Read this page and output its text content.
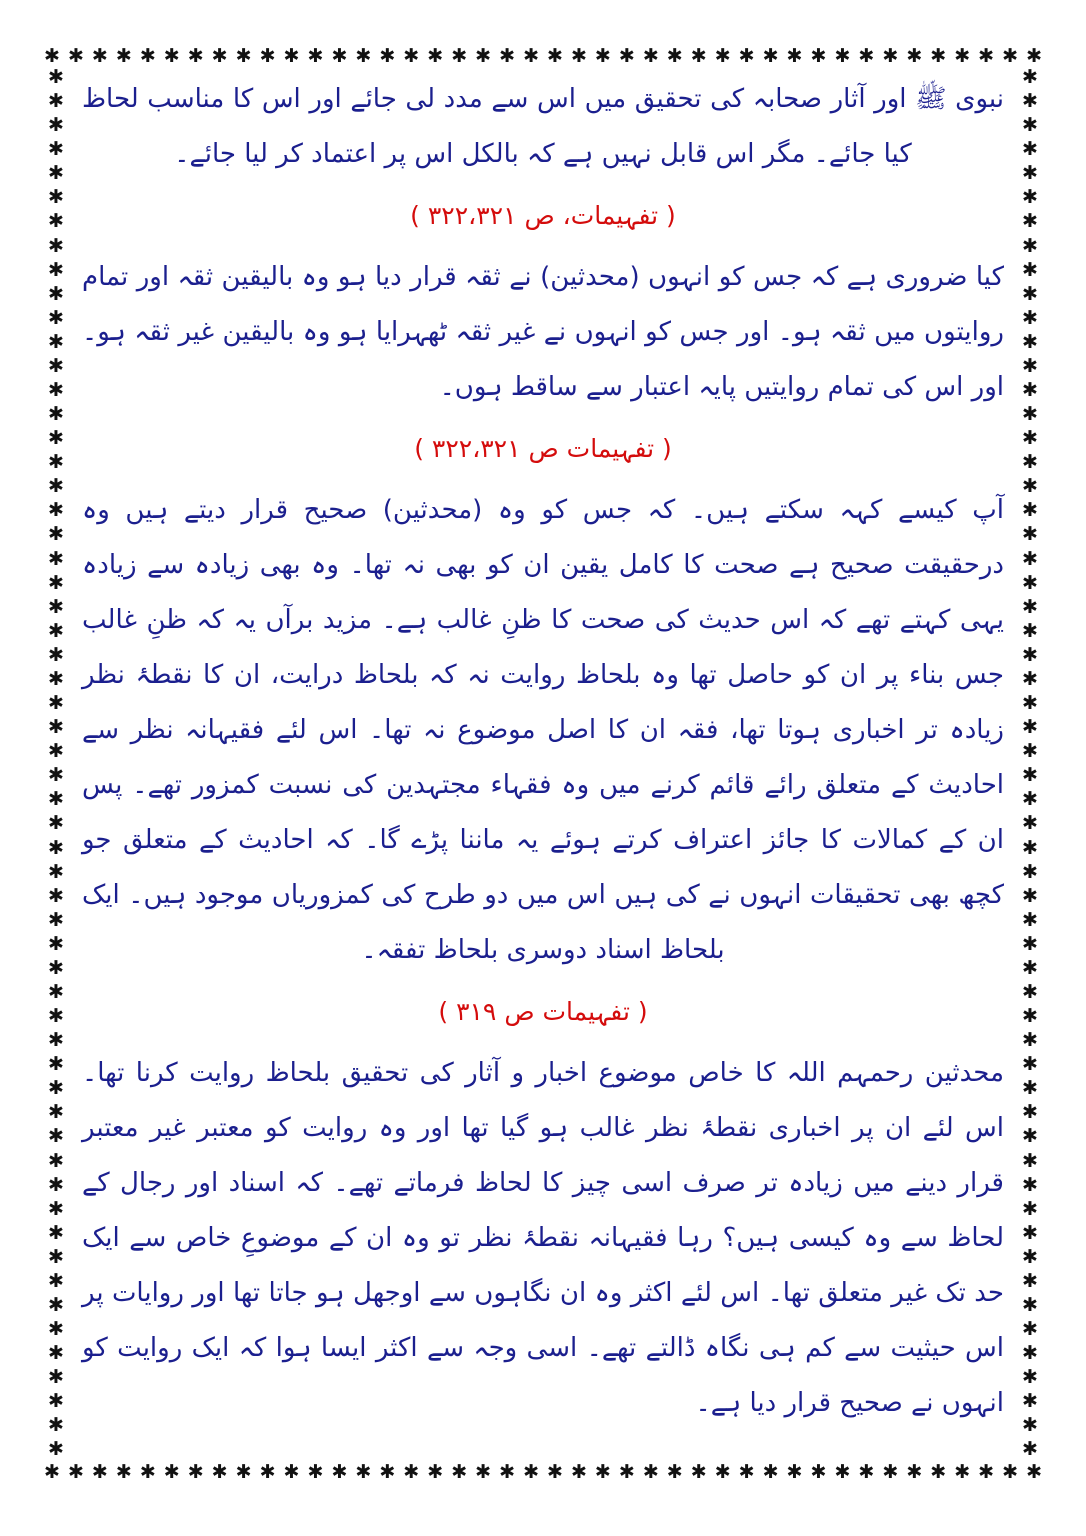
✱ ✱ ✱ ✱ ✱ ✱ ✱ ✱ ✱ ✱ ✱ ✱ ✱ ✱ ✱ ✱ ✱ ✱ ✱ ✱ ✱ ✱ ✱ ✱ ✱ ✱ ✱ ✱ ✱ ✱ ✱ ✱ ✱ ✱ ✱ ✱ ✱ ✱ ✱ ✱ ✱ ✱
✱ ✱ ✱ ✱ ✱ ✱ ✱ ✱ ✱ ✱ ✱ ✱ ✱ ✱ ✱ ✱ ✱ ✱ ✱ ✱ ✱ ✱ ✱ ✱ ✱ ✱ ✱ ✱ ✱ ✱ ✱ ✱ ✱ ✱ ✱ ✱ ✱ ✱ ✱ ✱ ✱ ✱
✱
✱
✱
✱
✱
✱
✱
✱
✱
✱
✱
✱
✱
✱
✱
✱
✱
✱
✱
✱
✱
✱
✱
✱
✱
✱
✱
✱
✱
✱
✱
✱
✱
✱
✱
✱
✱
✱
✱
✱
✱
✱
✱
✱
✱
✱
✱
✱
✱
✱
✱
✱
✱
✱
✱
✱
✱
✱
✱
✱
✱
✱
✱
✱
✱
✱
✱
✱
✱
✱
✱
✱
✱
✱
✱
✱
✱
✱
✱
✱
✱
✱
✱
✱
✱
✱
✱
✱
✱
✱
✱
✱
✱
✱
✱
✱
✱
✱
✱
✱
✱
✱
✱
✱
✱
✱
✱
✱
✱
✱
✱
✱
✱
✱
✱
✱

نبوی ﷺ اور آثار صحابہ کی تحقیق میں اس سے مدد لی جائے اور اس کا مناسب لحاظ کیا جائے۔ مگر اس قابل نہیں ہے کہ بالکل اس پر اعتماد کر لیا جائے۔

( تفہیمات، ص ۳۲۲،۳۲۱ )

کیا ضروری ہے کہ جس کو انہوں (محدثین) نے ثقہ قرار دیا ہو وہ بالیقین ثقہ اور تمام روایتوں میں ثقہ ہو۔ اور جس کو انہوں نے غیر ثقہ ٹھہرایا ہو وہ بالیقین غیر ثقہ ہو۔ اور اس کی تمام روایتیں پایہ اعتبار سے ساقط ہوں۔

( تفہیمات ص ۳۲۲،۳۲۱ )

آپ کیسے کہہ سکتے ہیں۔ کہ جس کو وہ (محدثین) صحیح قرار دیتے ہیں وہ درحقیقت صحیح ہے صحت کا کامل یقین ان کو بھی نہ تھا۔ وہ بھی زیادہ سے زیادہ یہی کہتے تھے کہ اس حدیث کی صحت کا ظنِ غالب ہے۔ مزید برآں یہ کہ ظنِ غالب جس بناء پر ان کو حاصل تھا وہ بلحاظ روایت نہ کہ بلحاظ درایت، ان کا نقطۂ نظر زیادہ تر اخباری ہوتا تھا، فقہ ان کا اصل موضوع نہ تھا۔ اس لئے فقیہانہ نظر سے احادیث کے متعلق رائے قائم کرنے میں وہ فقہاء مجتہدین کی نسبت کمزور تھے۔ پس ان کے کمالات کا جائز اعتراف کرتے ہوئے یہ ماننا پڑے گا۔ کہ احادیث کے متعلق جو کچھ بھی تحقیقات انہوں نے کی ہیں اس میں دو طرح کی کمزوریاں موجود ہیں۔ ایک بلحاظ اسناد دوسری بلحاظ تفقہ۔

( تفہیمات ص ۳۱۹ )

محدثین رحمہم اللہ کا خاص موضوع اخبار و آثار کی تحقیق بلحاظ روایت کرنا تھا۔ اس لئے ان پر اخباری نقطۂ نظر غالب ہو گیا تھا اور وہ روایت کو معتبر غیر معتبر قرار دینے میں زیادہ تر صرف اسی چیز کا لحاظ فرماتے تھے۔ کہ اسناد اور رجال کے لحاظ سے وہ کیسی ہیں؟ رہا فقیہانہ نقطۂ نظر تو وہ ان کے موضوعِ خاص سے ایک حد تک غیر متعلق تھا۔ اس لئے اکثر وہ ان نگاہوں سے اوجھل ہو جاتا تھا اور روایات پر اس حیثیت سے کم ہی نگاہ ڈالتے تھے۔ اسی وجہ سے اکثر ایسا ہوا کہ ایک روایت کو انہوں نے صحیح قرار دیا ہے۔
